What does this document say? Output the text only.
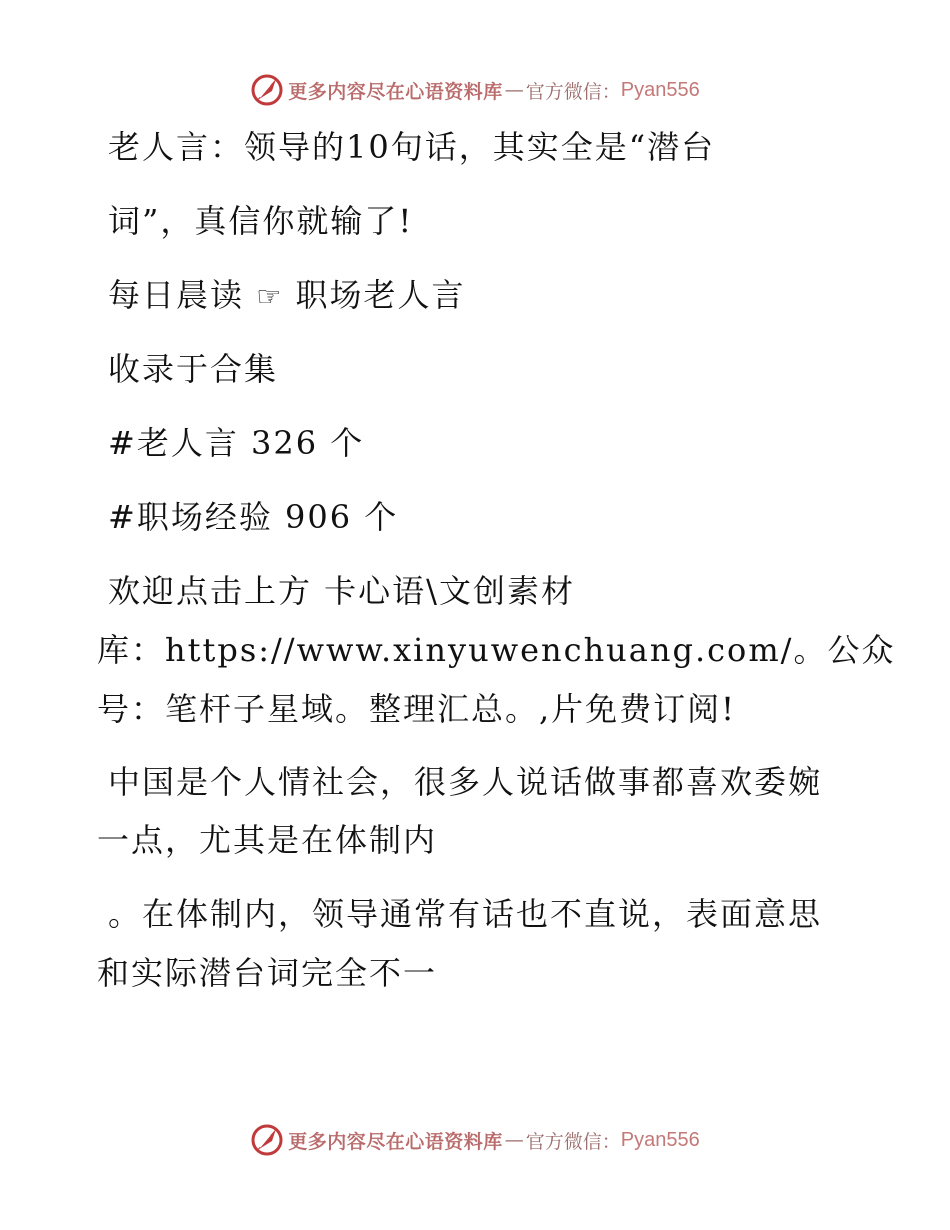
更多内容尽在心语资料库 — 官方微信： Pyan556

老人言：领导的10句话，其实全是“潜台

词”，真信你就输了!

每日晨读 ☞ 职场老人言

收录于合集

#老人言 326 个

#职场经验 906 个

欢迎点击上方 卡心语\文创素材

库：https://www.xinyuwenchuang.com/。公众

号：笔杆子星域。整理汇总。,片免费订阅!

中国是个人情社会，很多人说话做事都喜欢委婉

一点，尤其是在体制内

。在体制内，领导通常有话也不直说，表面意思

和实际潜台词完全不一

更多内容尽在心语资料库 — 官方微信： Pyan556
